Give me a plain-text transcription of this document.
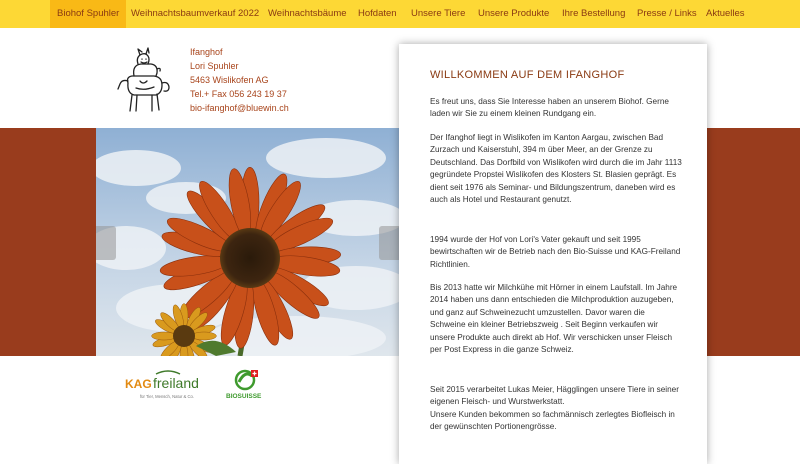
Biohof Spuhler	Weihnachtsbaumverkauf 2022 Weihnachtsbäume Hofdaten Unsere Tiere Unsere Produkte Ihre Bestellung Presse / Links Aktuelles
Ifanghof
Lori Spuhler
5463 Wislikofen AG
Tel.+ Fax 056 243 19 37
bio-ifanghof@bluewin.ch
WILLKOMMEN AUF DEM IFANGHOF

Es freut uns, dass Sie Interesse haben an unserem Biohof. Gerne laden wir Sie zu einem kleinen Rundgang ein.

Der Ifanghof liegt in Wislikofen im Kanton Aargau, zwischen Bad Zurzach und Kaiserstuhl, 394 m über Meer, an der Grenze zu Deutschland. Das Dorfbild von Wislikofen wird durch die im Jahr 1113 gegründete Propstei Wislikofen des Klosters St. Blasien geprägt. Es dient seit 1976 als Seminar- und Bildungszentrum, daneben wird es auch als Hotel und Restaurant genutzt.

1994 wurde der Hof von Lori's Vater gekauft und seit 1995 bewirtschaften wir de Betrieb nach den Bio-Suisse und KAG-Freiland Richtlinien.

Bis 2013 hatte wir Milchkühe mit Hörner in einem Laufstall. Im Jahre 2014 haben uns dann entschieden die Milchproduktion auzugeben, und ganz auf Schweinezucht umzustellen. Davor waren die Schweine ein kleiner Betriebszweig . Seit Beginn verkaufen wir unsere Produkte auch direkt ab Hof. Wir verschicken unser Fleisch per Post Express in die ganze Schweiz.

Seit 2015 verarbeitet Lukas Meier, Hägglingen unsere Tiere in seiner eigenen Fleisch- und Wurstwerkstatt.

Unsere Kunden bekommen so fachmännisch zerlegtes Biofleisch in der gewünschten Portionengrösse.

KAG freiland
für Tier, Mensch, Natur & Co.	BIOSUISSE
